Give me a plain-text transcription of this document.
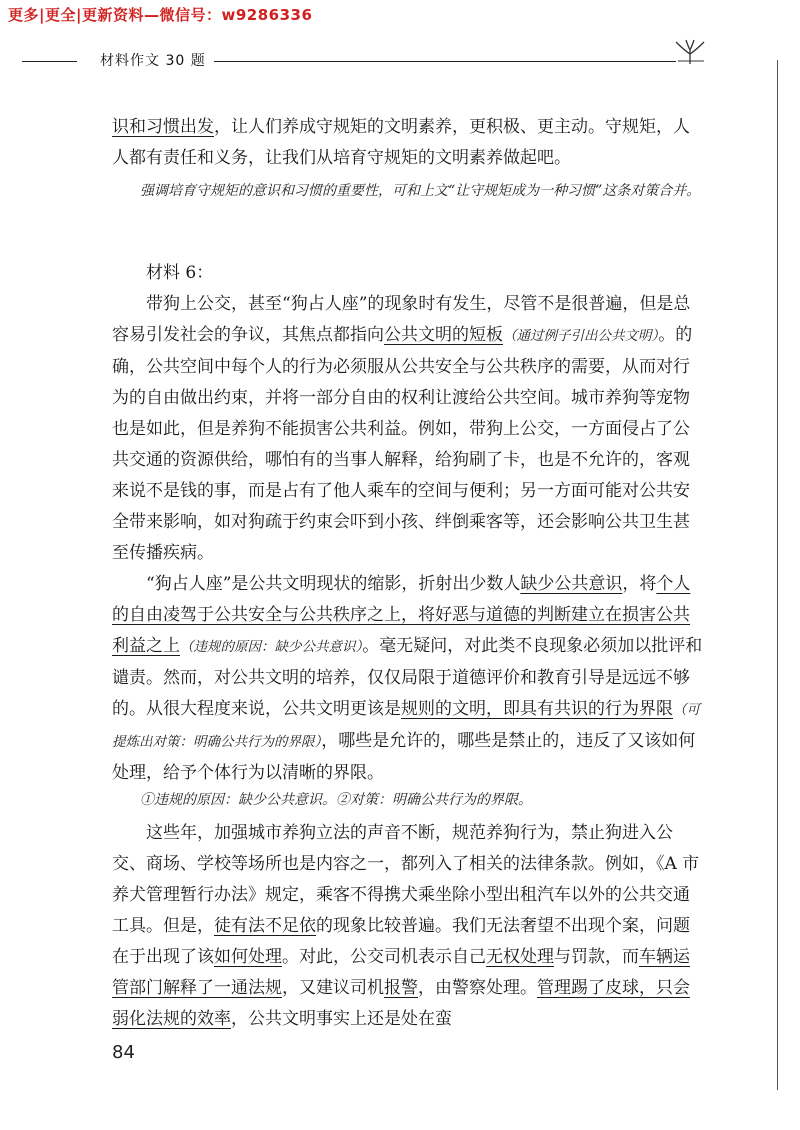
更多|更全|更新资料—微信号：w9286336
材料作文 30 题

识和习惯出发，让人们养成守规矩的文明素养，更积极、更主动。守规矩，人人都有责任和义务，让我们从培育守规矩的文明素养做起吧。

强调培育守规矩的意识和习惯的重要性，可和上文“让守规矩成为一种习惯”这条对策合并。

材料 6：

带狗上公交，甚至“狗占人座”的现象时有发生，尽管不是很普遍，但是总容易引发社会的争议，其焦点都指向公共文明的短板（通过例子引出公共文明）。的确，公共空间中每个人的行为必须服从公共安全与公共秩序的需要，从而对行为的自由做出约束，并将一部分自由的权利让渡给公共空间。城市养狗等宠物也是如此，但是养狗不能损害公共利益。例如，带狗上公交，一方面侵占了公共交通的资源供给，哪怕有的当事人解释，给狗刷了卡，也是不允许的，客观来说不是钱的事，而是占有了他人乘车的空间与便利；另一方面可能对公共安全带来影响，如对狗疏于约束会吓到小孩、绊倒乘客等，还会影响公共卫生甚至传播疾病。

“狗占人座”是公共文明现状的缩影，折射出少数人缺少公共意识，将个人的自由凌驾于公共安全与公共秩序之上，将好恶与道德的判断建立在损害公共利益之上（违规的原因：缺少公共意识）。毫无疑问，对此类不良现象必须加以批评和谴责。然而，对公共文明的培养，仅仅局限于道德评价和教育引导是远远不够的。从很大程度来说，公共文明更该是规则的文明，即具有共识的行为界限（可提炼出对策：明确公共行为的界限），哪些是允许的，哪些是禁止的，违反了又该如何处理，给予个体行为以清晰的界限。

①违规的原因：缺少公共意识。②对策：明确公共行为的界限。

这些年，加强城市养狗立法的声音不断，规范养狗行为，禁止狗进入公交、商场、学校等场所也是内容之一，都列入了相关的法律条款。例如，《A 市养犬管理暂行办法》规定，乘客不得携犬乘坐除小型出租汽车以外的公共交通工具。但是，徒有法不足依的现象比较普遍。我们无法奢望不出现个案，问题在于出现了该如何处理。对此，公交司机表示自己无权处理与罚款，而车辆运管部门解释了一通法规，又建议司机报警，由警察处理。管理踢了皮球，只会弱化法规的效率，公共文明事实上还是处在蛮

84
